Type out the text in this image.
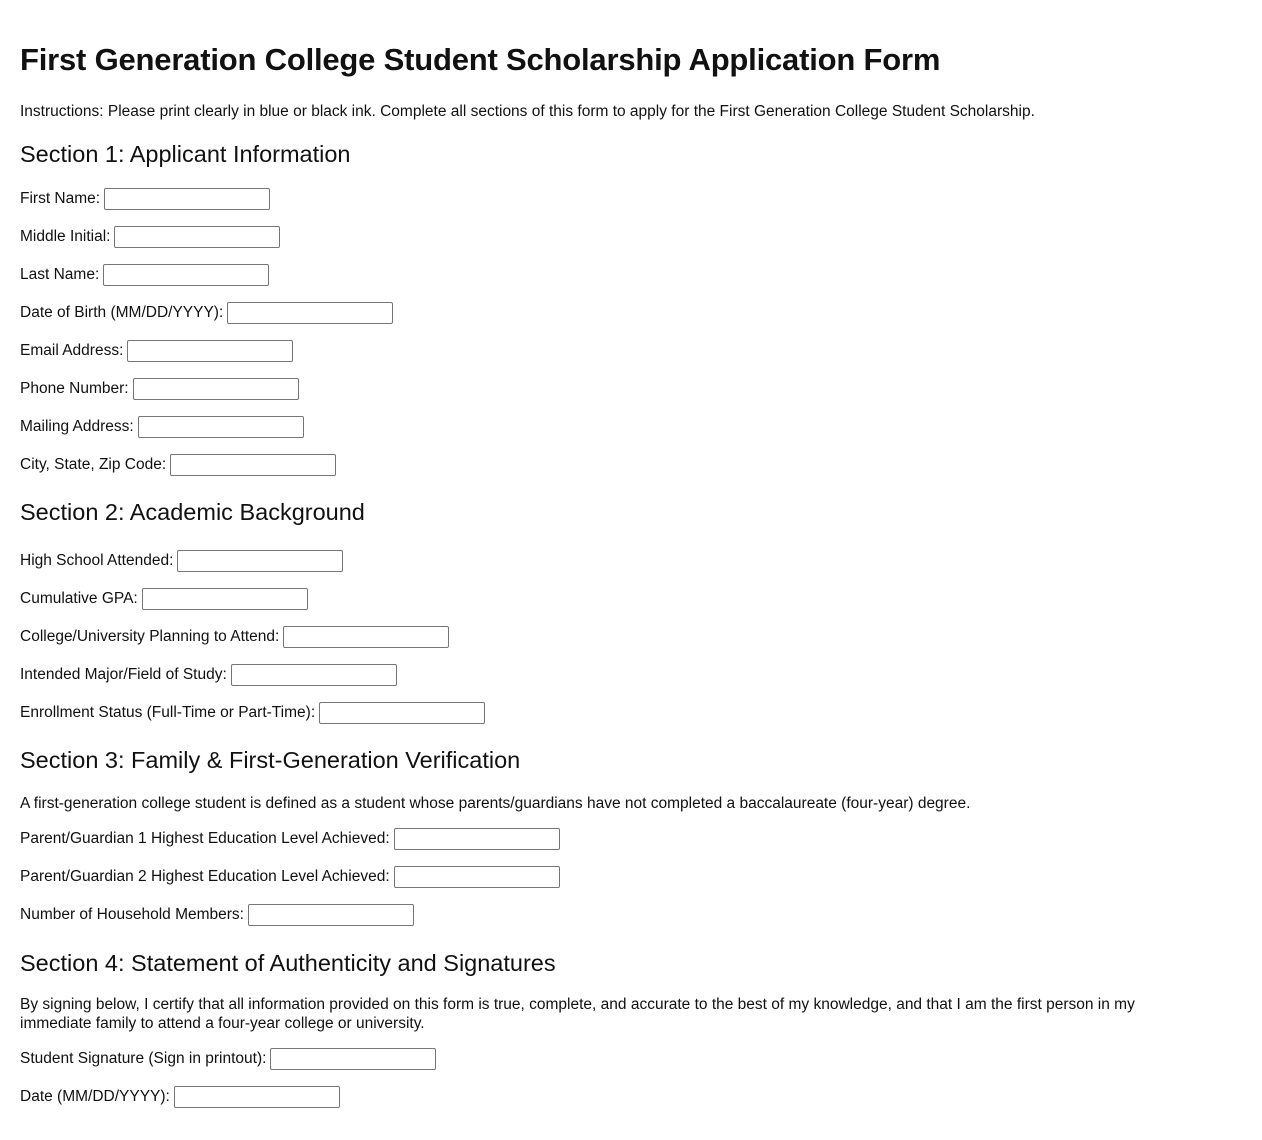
First Generation College Student Scholarship Application Form

Instructions: Please print clearly in blue or black ink. Complete all sections of this form to apply for the First Generation College Student Scholarship.

Section 1: Applicant Information
First Name:
Middle Initial:
Last Name:
Date of Birth (MM/DD/YYYY):
Email Address:
Phone Number:
Mailing Address:
City, State, Zip Code:
Section 2: Academic Background
High School Attended:
Cumulative GPA:
College/University Planning to Attend:
Intended Major/Field of Study:
Enrollment Status (Full-Time or Part-Time):
Section 3: Family & First-Generation Verification

A first-generation college student is defined as a student whose parents/guardians have not completed a baccalaureate (four-year) degree.

Parent/Guardian 1 Highest Education Level Achieved:
Parent/Guardian 2 Highest Education Level Achieved:
Number of Household Members:
Section 4: Statement of Authenticity and Signatures

By signing below, I certify that all information provided on this form is true, complete, and accurate to the best of my knowledge, and that I am the first person in my immediate family to attend a four-year college or university.

Student Signature (Sign in printout):
Date (MM/DD/YYYY):
